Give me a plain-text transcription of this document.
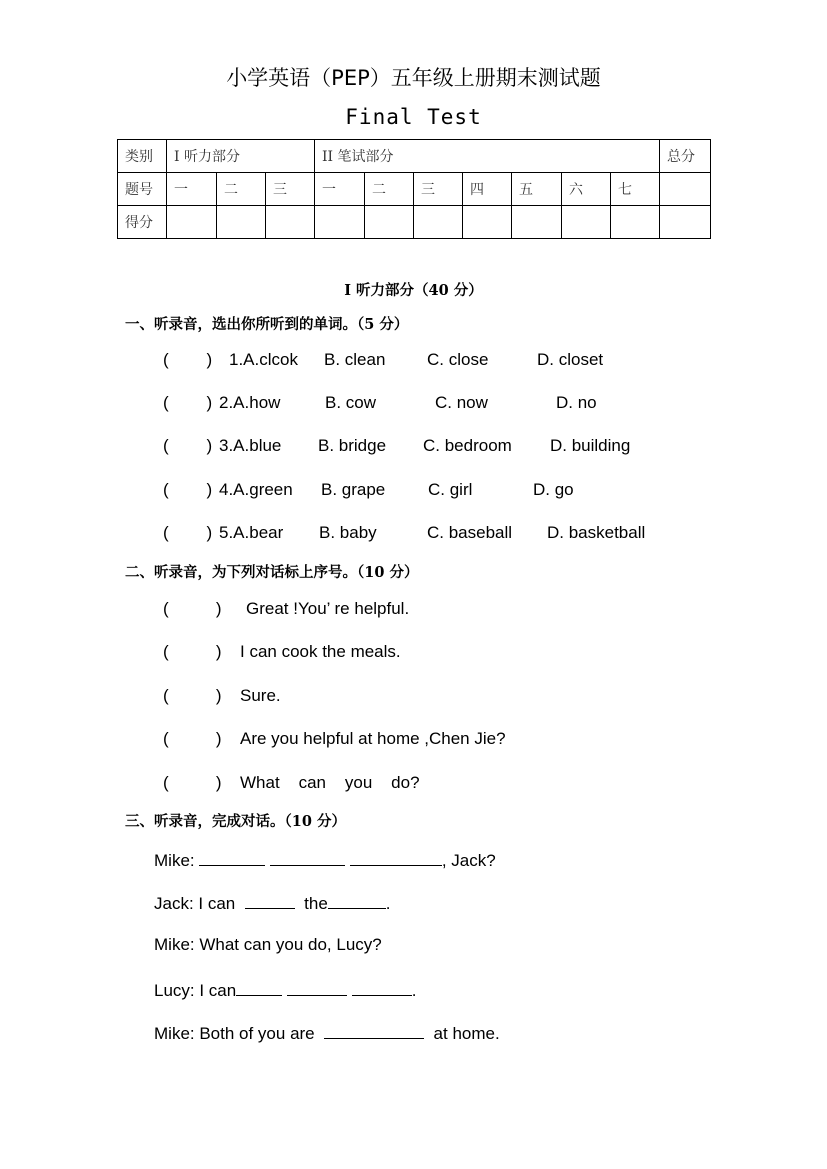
小学英语（PEP）五年级上册期末测试题
Final Test
类别	I 听力部分			II 笔试部分							总分
题号	一	二	三	一	二	三	四	五	六	七	
得分											
I 听力部分（40 分）
一、听录音，选出你所听到的单词。（5 分）
(        ) 1.A.clcok B. clean C. close	D. closet
(        ) 2.A.how	B. cow	C. now	D. no
(        ) 3.A.blue B. bridge C. bedroom D. building
(        ) 4.A.green B. grape	C. girl	D. go
(        ) 5.A.bear B. baby	C. baseball D. basketball
二、听录音，为下列对话标上序号。（10 分）
(          ) Great !You’ re helpful.
(          ) I can cook the meals.
(          ) Sure.
(          ) Are you helpful at home ,Chen Jie?
(          ) What    can    you    do?
三、听录音，完成对话。（10 分）
Mike:	, Jack?
Jack: I can	the	.
Mike: What can you do, Lucy?
Lucy: I can	.
Mike: Both of you are	at home.
